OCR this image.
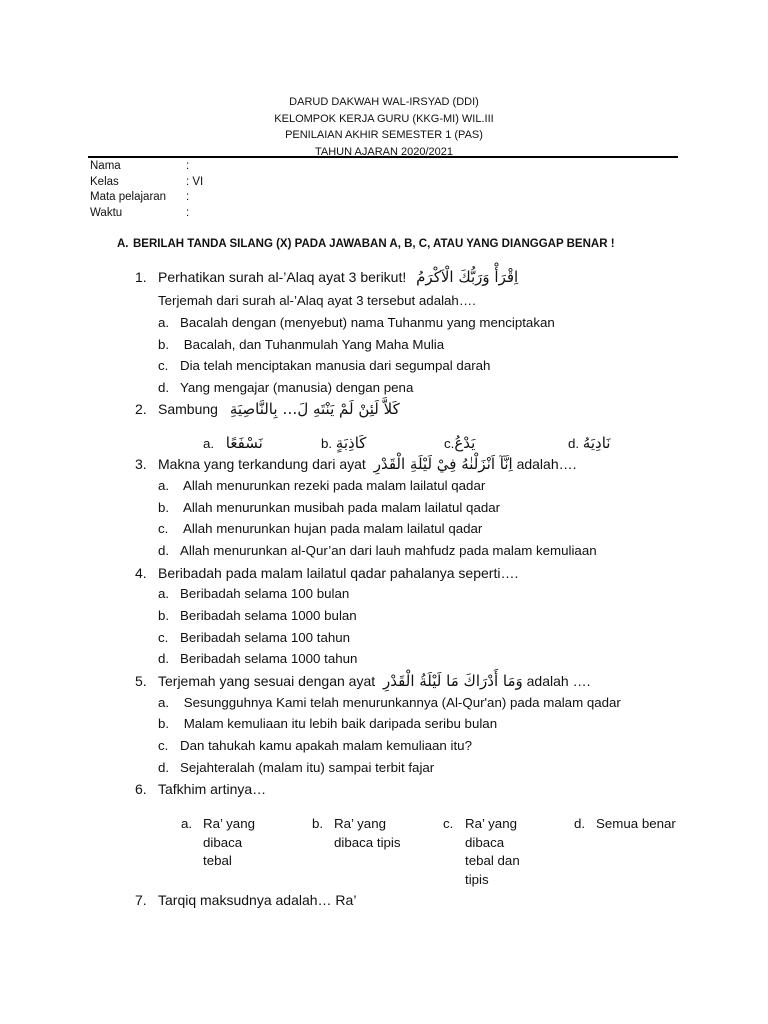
DARUD DAKWAH WAL-IRSYAD (DDI)
KELOMPOK KERJA GURU (KKG-MI) WIL.III
PENILAIAN AKHIR SEMESTER 1 (PAS)
TAHUN AJARAN 2020/2021
Nama	:
Kelas	: VI
Mata pelajaran	:
Waktu	:
A. BERILAH TANDA SILANG (X) PADA JAWABAN A, B, C, ATAU YANG DIANGGAP BENAR !
1. Perhatikan surah al-’Alaq ayat 3 berikut! اِقْرَأْ وَرَبُّكَ الْاَكْرَمُ
Terjemah dari surah al-’Alaq ayat 3 tersebut adalah….
a. Bacalah dengan (menyebut) nama Tuhanmu yang menciptakan
b. Bacalah, dan Tuhanmulah Yang Maha Mulia
c. Dia telah menciptakan manusia dari segumpal darah
d. Yang mengajar (manusia) dengan pena
2. Sambung كَلاَّ لَئِنْ لَمْ يَنْتَهِ لَ… بِالنَّاصِيَةِ
a. نَسْفَعًا	b. كَاذِبَةٍ	c.يَدْعُ	d. نَادِيَهُ
3. Makna yang terkandung dari ayat اِنَّآ اَنْزَلْنٰهُ فِيْ لَيْلَةِ الْقَدْرِ adalah….
a. Allah menurunkan rezeki pada malam lailatul qadar
b. Allah menurunkan musibah pada malam lailatul qadar
c. Allah menurunkan hujan pada malam lailatul qadar
d. Allah menurunkan al-Qur’an dari lauh mahfudz pada malam kemuliaan
4. Beribadah pada malam lailatul qadar pahalanya seperti….
a. Beribadah selama 100 bulan
b. Beribadah selama 1000 bulan
c. Beribadah selama 100 tahun
d. Beribadah selama 1000 tahun
5. Terjemah yang sesuai dengan ayat وَمَا أَدْرَاكَ مَا لَيْلَةُ الْقَدْرِ adalah ….
a. Sesungguhnya Kami telah menurunkannya (Al-Qur'an) pada malam qadar
b. Malam kemuliaan itu lebih baik daripada seribu bulan
c. Dan tahukah kamu apakah malam kemuliaan itu?
d. Sejahteralah (malam itu) sampai terbit fajar
6. Tafkhim artinya…
a. Ra’ yang
dibaca
tebal
b. Ra’ yang
dibaca tipis
c. Ra’ yang
dibaca
tebal dan
tipis
d. Semua benar
7. Tarqiq maksudnya adalah… Ra’
